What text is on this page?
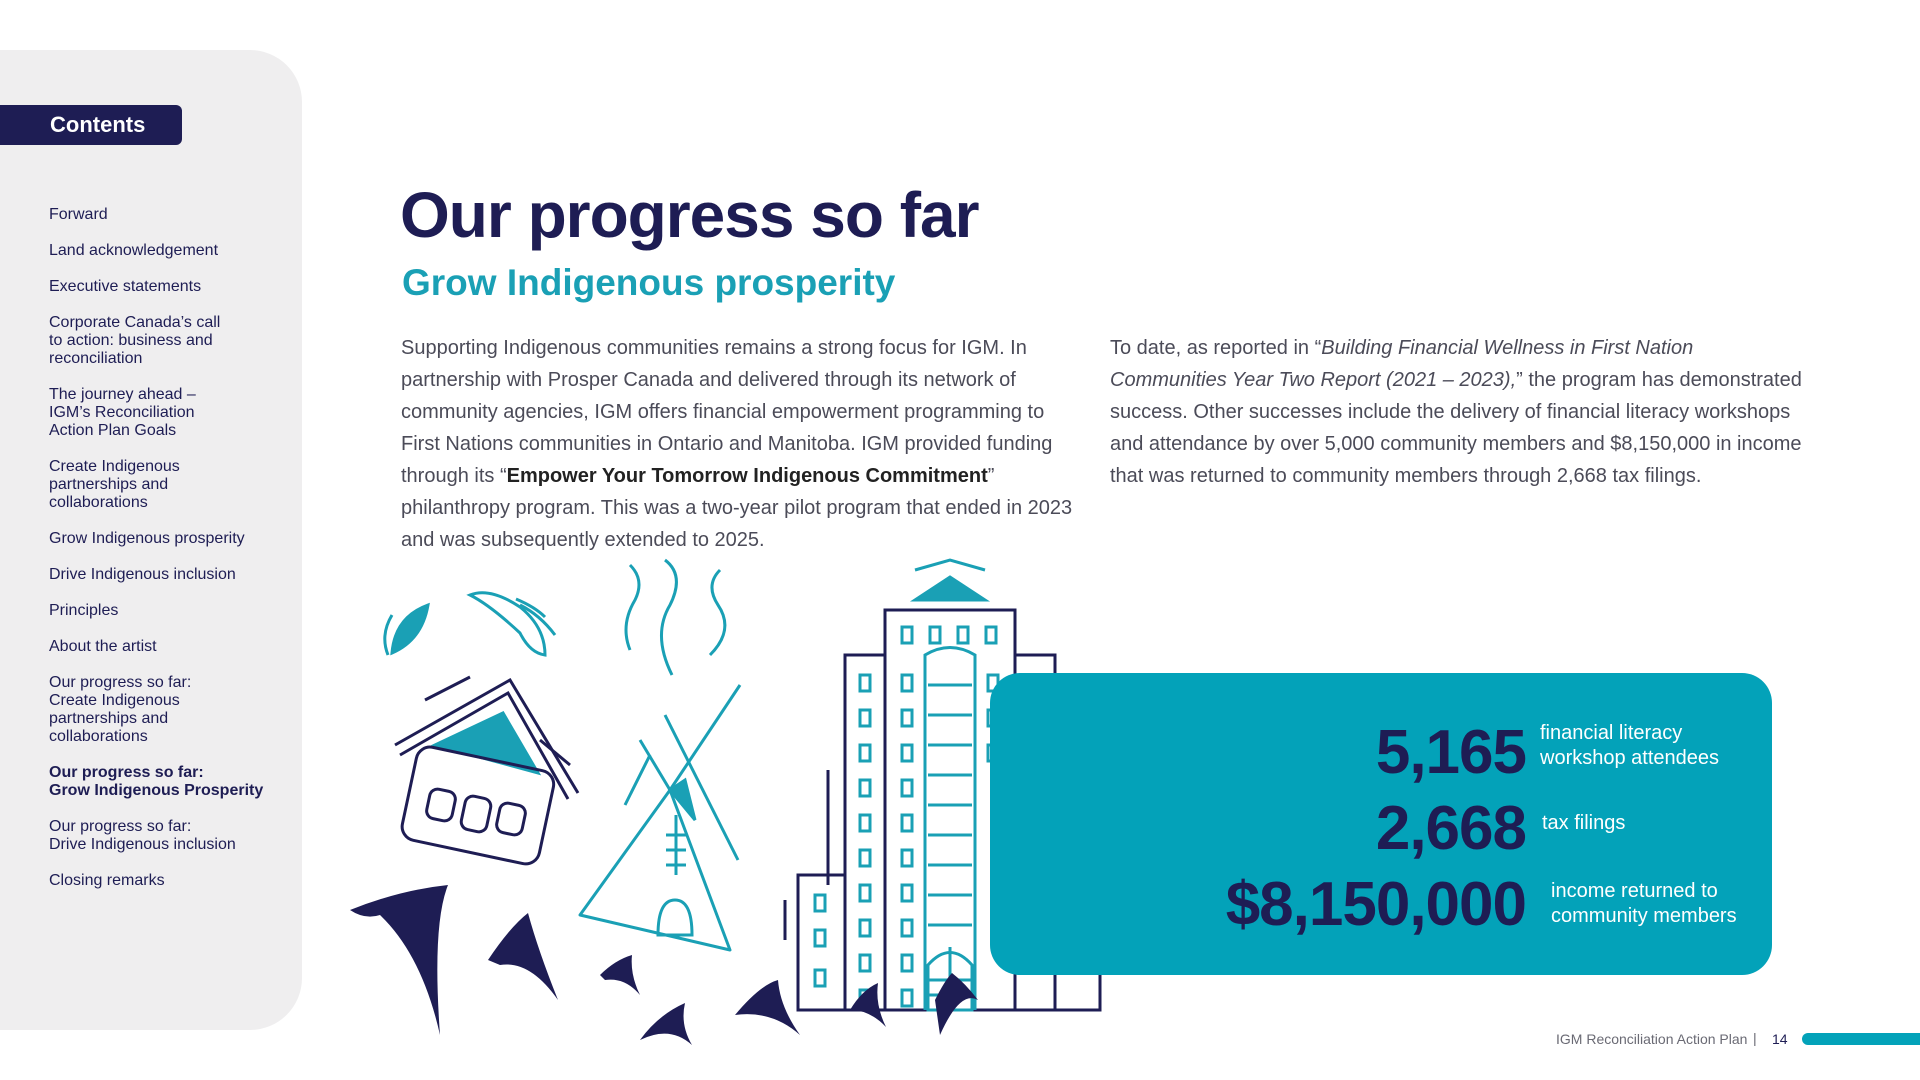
Contents
Forward
Land acknowledgement
Executive statements
Corporate Canada’s call
to action: business and
reconciliation
The journey ahead –
IGM’s Reconciliation
Action Plan Goals
Create Indigenous
partnerships and
collaborations
Grow Indigenous prosperity
Drive Indigenous inclusion
Principles
About the artist
Our progress so far:
Create Indigenous
partnerships and
collaborations
Our progress so far:
Grow Indigenous Prosperity
Our progress so far:
Drive Indigenous inclusion
Closing remarks
Our progress so far
Grow Indigenous prosperity

Supporting Indigenous communities remains a strong focus for IGM. In partnership with Prosper Canada and delivered through its network of community agencies, IGM offers financial empowerment programming to First Nations communities in Ontario and Manitoba. IGM provided funding through its “Empower Your Tomorrow Indigenous Commitment” philanthropy program. This was a two-year pilot program that ended in 2023 and was subsequently extended to 2025.

To date, as reported in “Building Financial Wellness in First Nation Communities Year Two Report (2021 – 2023),” the program has demonstrated success. Other successes include the delivery of financial literacy workshops and attendance by over 5,000 community members and $8,150,000 in income that was returned to community members through 2,668 tax filings.

5,165 financial literacy
workshop attendees
2,668 tax filings
$8,150,000 income returned to
community members
IGM Reconciliation Action Plan | 14
